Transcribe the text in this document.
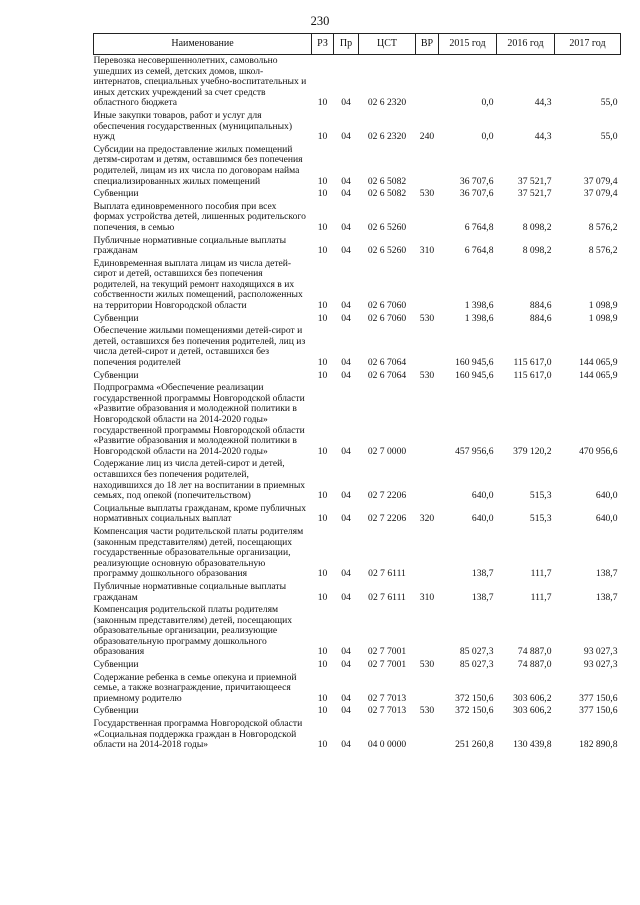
230
Наименование	РЗ	Пр	ЦСТ	ВР	2015 год	2016 год	2017 год
Перевозка несовершеннолетних, самовольно ушедших из семей, детских домов, школ-интернатов, специальных учебно-воспитательных и иных детских учреждений за счет средств областного бюджета	10	04	02 6 2320		0,0	44,3	55,0
Иные закупки товаров, работ и услуг для обеспечения государственных (муниципальных) нужд	10	04	02 6 2320	240	0,0	44,3	55,0
Субсидии на предоставление жилых помещений детям-сиротам и детям, оставшимся без попечения родителей, лицам из их числа по договорам найма специализированных жилых помещений	10	04	02 6 5082		36 707,6	37 521,7	37 079,4
Субвенции	10	04	02 6 5082	530	36 707,6	37 521,7	37 079,4
Выплата единовременного пособия при всех формах устройства детей, лишенных родительского попечения, в семью	10	04	02 6 5260		6 764,8	8 098,2	8 576,2
Публичные нормативные социальные выплаты гражданам	10	04	02 6 5260	310	6 764,8	8 098,2	8 576,2
Единовременная выплата лицам из числа детей-сирот и детей, оставшихся без попечения родителей, на текущий ремонт находящихся в их собственности жилых помещений, расположенных на территории Новгородской области	10	04	02 6 7060		1 398,6	884,6	1 098,9
Субвенции	10	04	02 6 7060	530	1 398,6	884,6	1 098,9
Обеспечение жилыми помещениями детей-сирот и детей, оставшихся без попечения родителей, лиц из числа детей-сирот и детей, оставшихся без попечения родителей	10	04	02 6 7064		160 945,6	115 617,0	144 065,9
Субвенции	10	04	02 6 7064	530	160 945,6	115 617,0	144 065,9
Подпрограмма «Обеспечение реализации государственной программы Новгородской области «Развитие образования и молодежной политики в Новгородской области на 2014-2020 годы» государственной программы Новгородской области «Развитие образования и молодежной политики в Новгородской области на 2014-2020 годы»	10	04	02 7 0000		457 956,6	379 120,2	470 956,6
Содержание лиц из числа детей-сирот и детей, оставшихся без попечения родителей, находившихся до 18 лет на воспитании в приемных семьях, под опекой (попечительством)	10	04	02 7 2206		640,0	515,3	640,0
Социальные выплаты гражданам, кроме публичных нормативных социальных выплат	10	04	02 7 2206	320	640,0	515,3	640,0
Компенсация части родительской платы родителям (законным представителям) детей, посещающих государственные образовательные организации, реализующие основную образовательную программу дошкольного образования	10	04	02 7 6111		138,7	111,7	138,7
Публичные нормативные социальные выплаты гражданам	10	04	02 7 6111	310	138,7	111,7	138,7
Компенсация родительской платы родителям (законным представителям) детей, посещающих образовательные организации, реализующие образовательную программу дошкольного образования	10	04	02 7 7001		85 027,3	74 887,0	93 027,3
Субвенции	10	04	02 7 7001	530	85 027,3	74 887,0	93 027,3
Содержание ребенка в семье опекуна и приемной семье, а также вознаграждение, причитающееся приемному родителю	10	04	02 7 7013		372 150,6	303 606,2	377 150,6
Субвенции	10	04	02 7 7013	530	372 150,6	303 606,2	377 150,6
Государственная программа Новгородской области «Социальная поддержка граждан в Новгородской области на 2014-2018 годы»	10	04	04 0 0000		251 260,8	130 439,8	182 890,8
